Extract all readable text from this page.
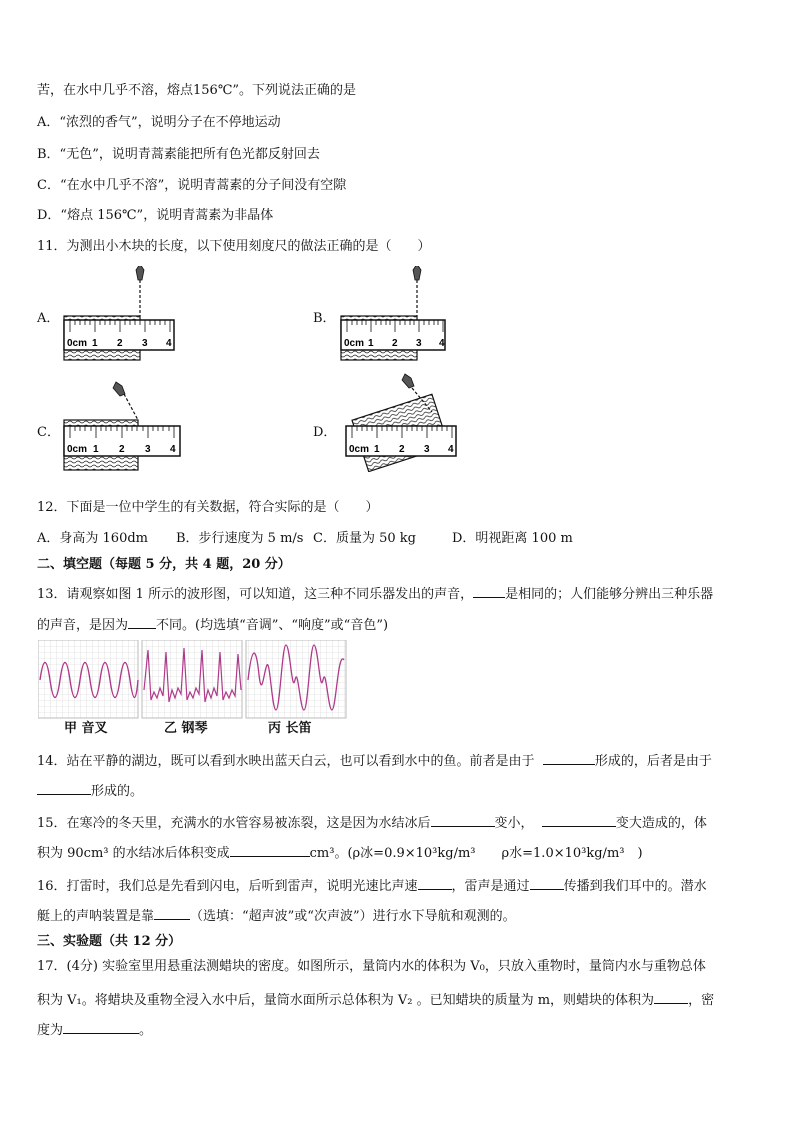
苦，在水中几乎不溶，熔点156℃”。下列说法正确的是
A．“浓烈的香气”，说明分子在不停地运动
B．“无色”，说明青蒿素能把所有色光都反射回去
C．“在水中几乎不溶”，说明青蒿素的分子间没有空隙
D．“熔点 156℃”，说明青蒿素为非晶体
11．为测出小木块的长度，以下使用刻度尺的做法正确的是（　　）
A．	B．
C．	D．
0cm 1 2 3 4	0cm 1 2 3 4
0cm 1 2 3 4	0cm 1 2 3 4
12．下面是一位中学生的有关数据，符合实际的是（　　）
A．身高为 160dm B．步行速度为 5 m/s C．质量为 50 kg	D．明视距离 100 m
二、填空题（每题 5 分，共 4 题，20 分）
13．请观察如图 1 所示的波形图，可以知道，这三种不同乐器发出的声音， 是相同的；人们能够分辨出三种乐器
的声音，是因为 不同。(均选填“音调”、“响度”或“音色”)
甲 音叉	乙 钢琴	丙 长笛
14．站在平静的湖边，既可以看到水映出蓝天白云，也可以看到水中的鱼。前者是由于	形成的，后者是由于
形成的。
15．在寒冷的冬天里，充满水的水管容易被冻裂，这是因为水结冰后	变小，	变大造成的，体
积为 90cm³ 的水结冰后体积变成	cm³。(ρ冰=0.9×10³kg/m³　　ρ水=1.0×10³kg/m³　)
16．打雷时，我们总是先看到闪电，后听到雷声，说明光速比声速	，雷声是通过	传播到我们耳中的。潜水
艇上的声呐装置是靠	（选填：“超声波”或“次声波”）进行水下导航和观测的。
三、实验题（共 12 分）
17．(4分) 实验室里用悬重法测蜡块的密度。如图所示，量筒内水的体积为 V₀，只放入重物时，量筒内水与重物总体
积为 V₁。将蜡块及重物全浸入水中后，量筒水面所示总体积为 V₂ 。已知蜡块的质量为 m，则蜡块的体积为	，密
度为	。
